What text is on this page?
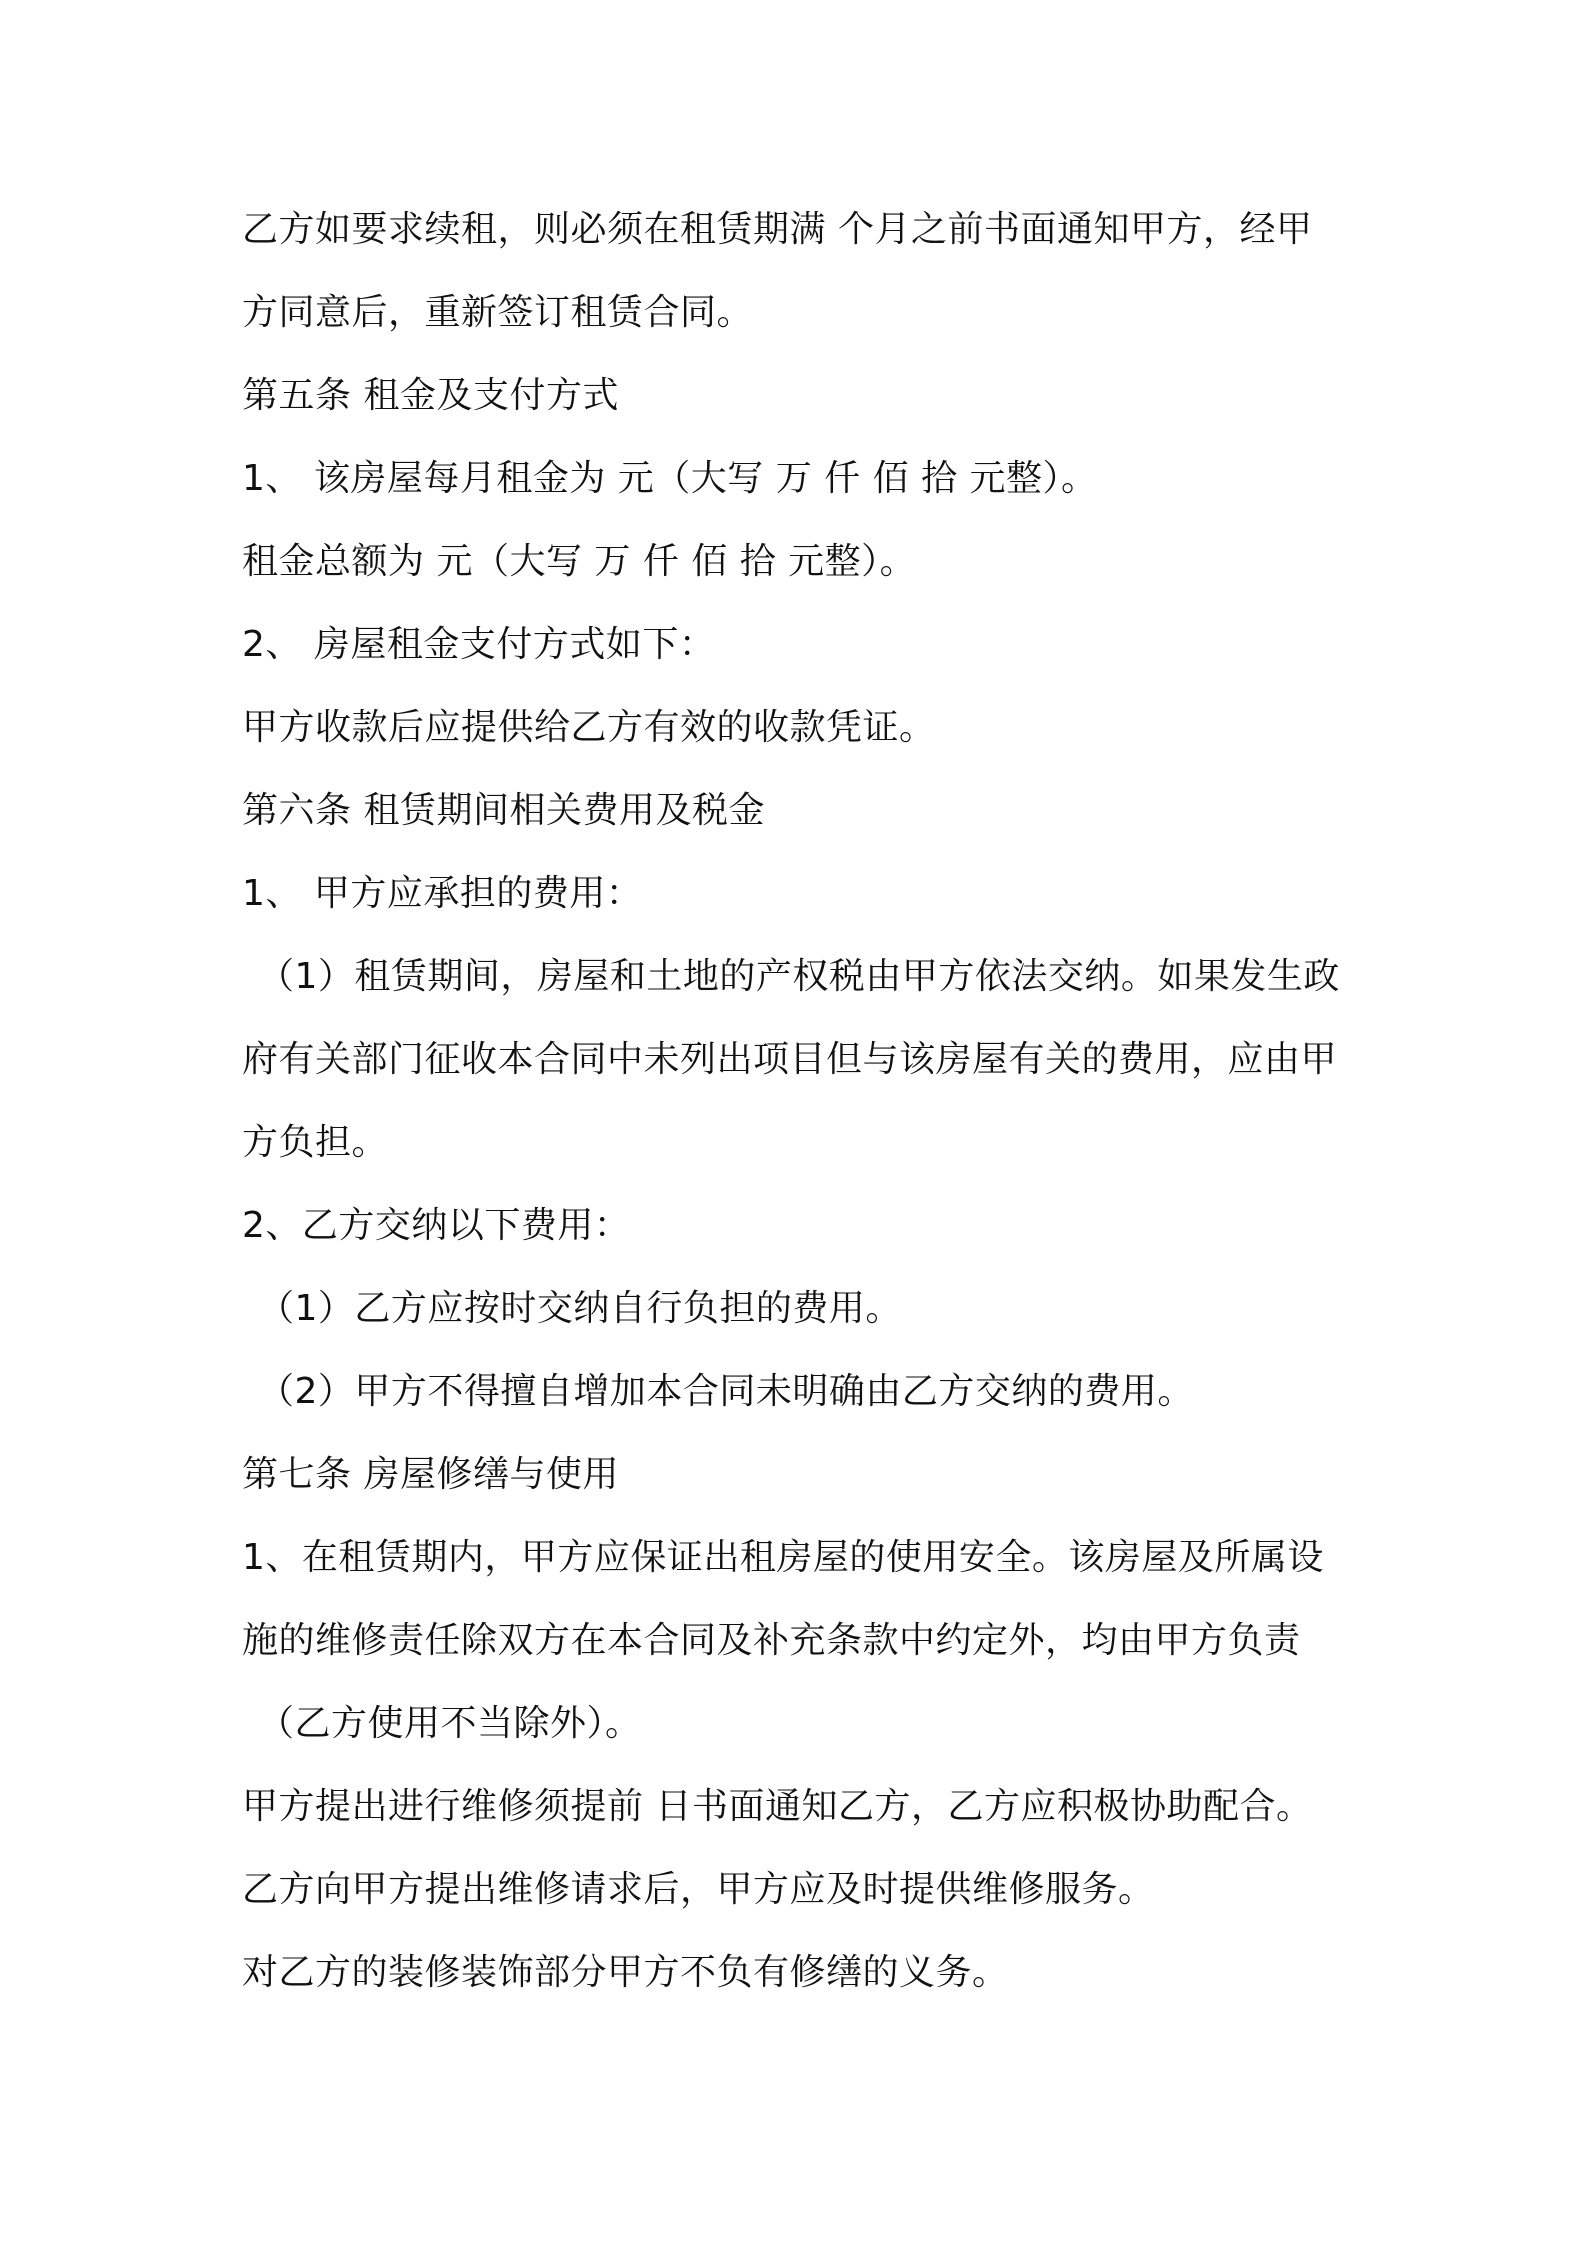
乙方如要求续租，则必须在租赁期满 个月之前书面通知甲方，经甲
方同意后，重新签订租赁合同。
第五条 租金及支付方式
1、 该房屋每月租金为 元（大写 万 仟 佰 拾 元整）。
租金总额为 元（大写 万 仟 佰 拾 元整）。
2、 房屋租金支付方式如下：
甲方收款后应提供给乙方有效的收款凭证。
第六条 租赁期间相关费用及税金
1、 甲方应承担的费用：
（1）租赁期间，房屋和土地的产权税由甲方依法交纳。如果发生政
府有关部门征收本合同中未列出项目但与该房屋有关的费用，应由甲
方负担。
2、乙方交纳以下费用：
（1）乙方应按时交纳自行负担的费用。
（2）甲方不得擅自增加本合同未明确由乙方交纳的费用。
第七条 房屋修缮与使用
1、在租赁期内，甲方应保证出租房屋的使用安全。该房屋及所属设
施的维修责任除双方在本合同及补充条款中约定外，均由甲方负责
（乙方使用不当除外）。
甲方提出进行维修须提前 日书面通知乙方，乙方应积极协助配合。
乙方向甲方提出维修请求后，甲方应及时提供维修服务。
对乙方的装修装饰部分甲方不负有修缮的义务。
